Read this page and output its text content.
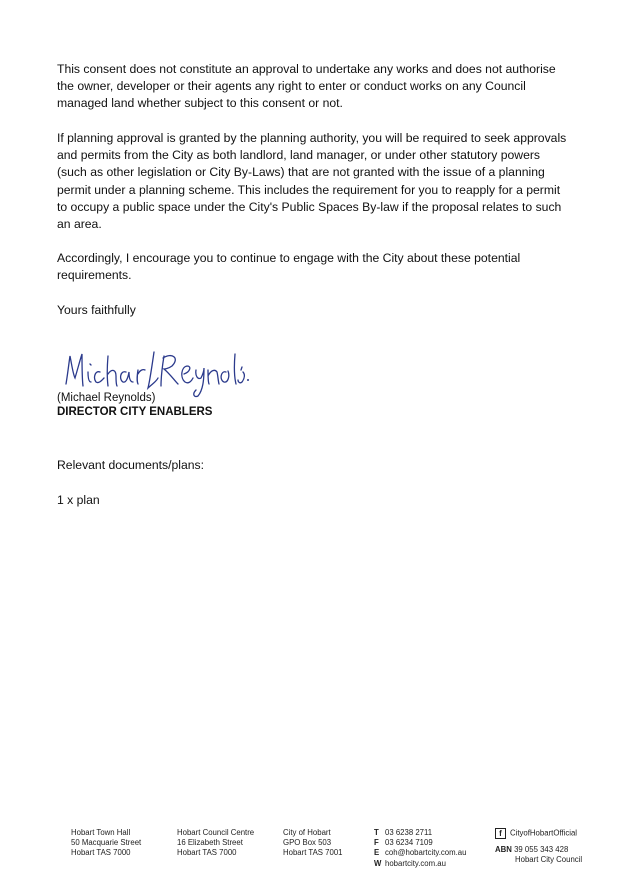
This consent does not constitute an approval to undertake any works and does not authorise the owner, developer or their agents any right to enter or conduct works on any Council managed land whether subject to this consent or not.

If planning approval is granted by the planning authority, you will be required to seek approvals and permits from the City as both landlord, land manager, or under other statutory powers (such as other legislation or City By-Laws) that are not granted with the issue of a planning permit under a planning scheme. This includes the requirement for you to reapply for a permit to occupy a public space under the City's Public Spaces By-law if the proposal relates to such an area.

Accordingly, I encourage you to continue to engage with the City about these potential requirements.

Yours faithfully

(Michael Reynolds)
DIRECTOR CITY ENABLERS

Relevant documents/plans:

1 x plan

Hobart Town Hall
50 Macquarie Street
Hobart TAS 7000
Hobart Council Centre
16 Elizabeth Street
Hobart TAS 7000
City of Hobart
GPO Box 503
Hobart TAS 7001
T 03 6238 2711
F 03 6234 7109
E coh@hobartcity.com.au
W hobartcity.com.au
f CityofHobartOfficial
ABN 39 055 343 428
Hobart City Council
